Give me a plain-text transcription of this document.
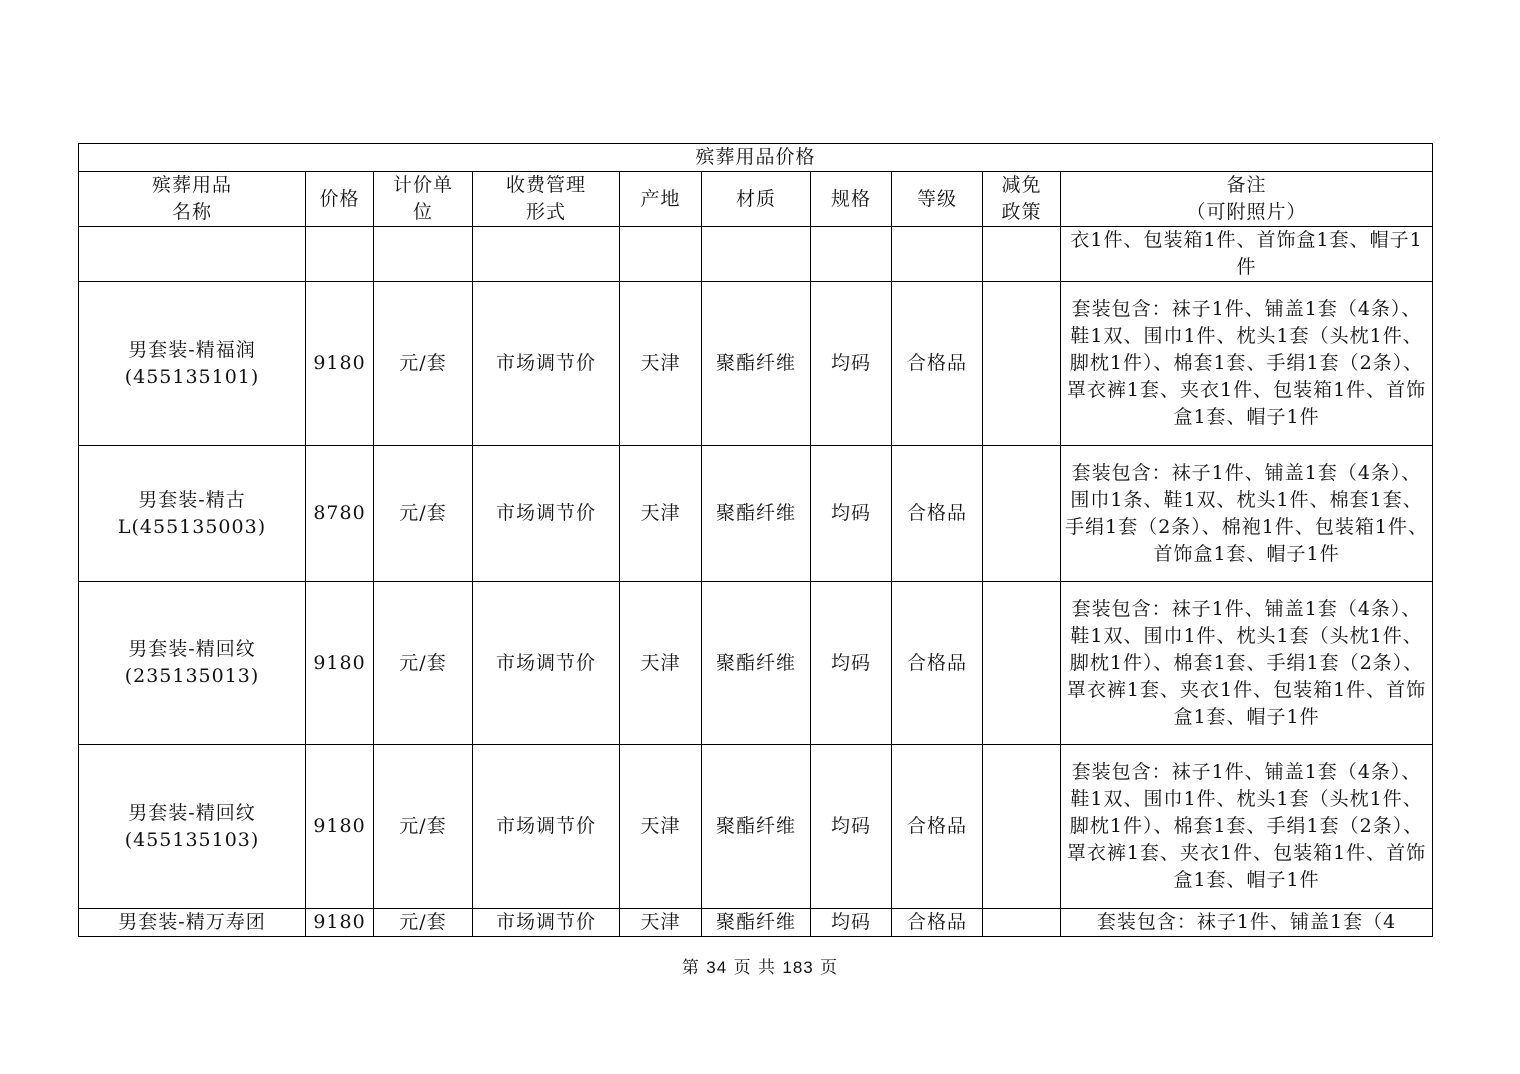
殡葬用品价格									

殡葬用品
名称	价格	计价单
位	收费管理
形式	产地	材质	规格	等级	减免
政策	备注
（可附照片）

									衣1件、包装箱1件、首饰盒1套、帽子1件

男套装-精福润
(455135101)	9180	元/套	市场调节价	天津	聚酯纤维	均码	合格品		套装包含：袜子1件、铺盖1套（4条）、鞋1双、围巾1件、枕头1套（头枕1件、脚枕1件）、棉套1套、手绢1套（2条）、罩衣裤1套、夹衣1件、包装箱1件、首饰盒1套、帽子1件

男套装-精古
L(455135003)	8780	元/套	市场调节价	天津	聚酯纤维	均码	合格品		套装包含：袜子1件、铺盖1套（4条）、围巾1条、鞋1双、枕头1件、棉套1套、手绢1套（2条）、棉袍1件、包装箱1件、首饰盒1套、帽子1件

男套装-精回纹
(235135013)	9180	元/套	市场调节价	天津	聚酯纤维	均码	合格品		套装包含：袜子1件、铺盖1套（4条）、鞋1双、围巾1件、枕头1套（头枕1件、脚枕1件）、棉套1套、手绢1套（2条）、罩衣裤1套、夹衣1件、包装箱1件、首饰盒1套、帽子1件

男套装-精回纹
(455135103)	9180	元/套	市场调节价	天津	聚酯纤维	均码	合格品		套装包含：袜子1件、铺盖1套（4条）、鞋1双、围巾1件、枕头1套（头枕1件、脚枕1件）、棉套1套、手绢1套（2条）、罩衣裤1套、夹衣1件、包装箱1件、首饰盒1套、帽子1件

男套装-精万寿团	9180	元/套	市场调节价	天津	聚酯纤维	均码	合格品		套装包含：袜子1件、铺盖1套（4
第 34 页 共 183 页
